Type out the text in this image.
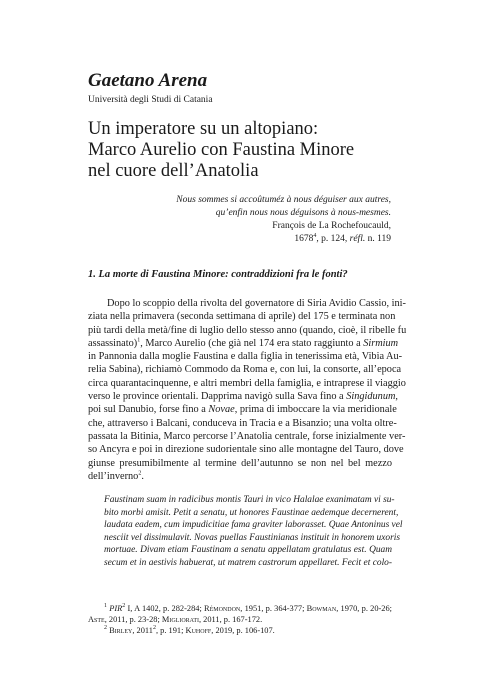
Gaetano Arena

Università degli Studi di Catania

Un imperatore su un altopiano:
Marco Aurelio con Faustina Minore
nel cuore dell’Anatolia
Nous sommes si accoûtuméz à nous déguiser aux autres,
qu’enfin nous nous déguisons à nous-mesmes.
François de La Rochefoucauld,
1678$^4$, p. 124, réfl. n. 119
1. La morte di Faustina Minore: contraddizioni fra le fonti?
Dopo lo scoppio della rivolta del governatore di Siria Avidio Cassio, ini-
ziata nella primavera (seconda settimana di aprile) del 175 e terminata non
più tardi della metà/fine di luglio dello stesso anno (quando, cioè, il ribelle fu
assassinato)$^1$, Marco Aurelio (che già nel 174 era stato raggiunto a Sirmium
in Pannonia dalla moglie Faustina e dalla figlia in tenerissima età, Vibia Au-
relia Sabina), richiamò Commodo da Roma e, con lui, la consorte, all’epoca
circa quarantacinquenne, e altri membri della famiglia, e intraprese il viaggio
verso le province orientali. Dapprima navigò sulla Sava fino a Singidunum,
poi sul Danubio, forse fino a Novae, prima di imboccare la via meridionale
che, attraverso i Balcani, conduceva in Tracia e a Bisanzio; una volta oltre-
passata la Bitinia, Marco percorse l’Anatolia centrale, forse inizialmente ver-
so Ancyra e poi in direzione sudorientale sino alle montagne del Tauro, dove
giunse presumibilmente al termine dell’autunno se non nel bel mezzo
dell’inverno$^2$.
Faustinam suam in radicibus montis Tauri in vico Halalae exanimatam vi su-
bito morbi amisit. Petit a senatu, ut honores Faustinae aedemque decernerent,
laudata eadem, cum impudicitiae fama graviter laborasset. Quae Antoninus vel
nesciit vel dissimulavit. Novas puellas Faustinianas instituit in honorem uxoris
mortuae. Divam etiam Faustinam a senatu appellatam gratulatus est. Quam
secum et in aestivis habuerat, ut matrem castrorum appellaret. Fecit et colo-
$^1$ PIR$^2$ I, A 1402, p. 282-284; Rémondon, 1951, p. 364-377; Bowman, 1970, p. 20-26;
Aste, 2011, p. 23-28; Migliorati, 2011, p. 167-172.
$^2$ Birley, 2011$^2$, p. 191; Kuhoff, 2019, p. 106-107.
